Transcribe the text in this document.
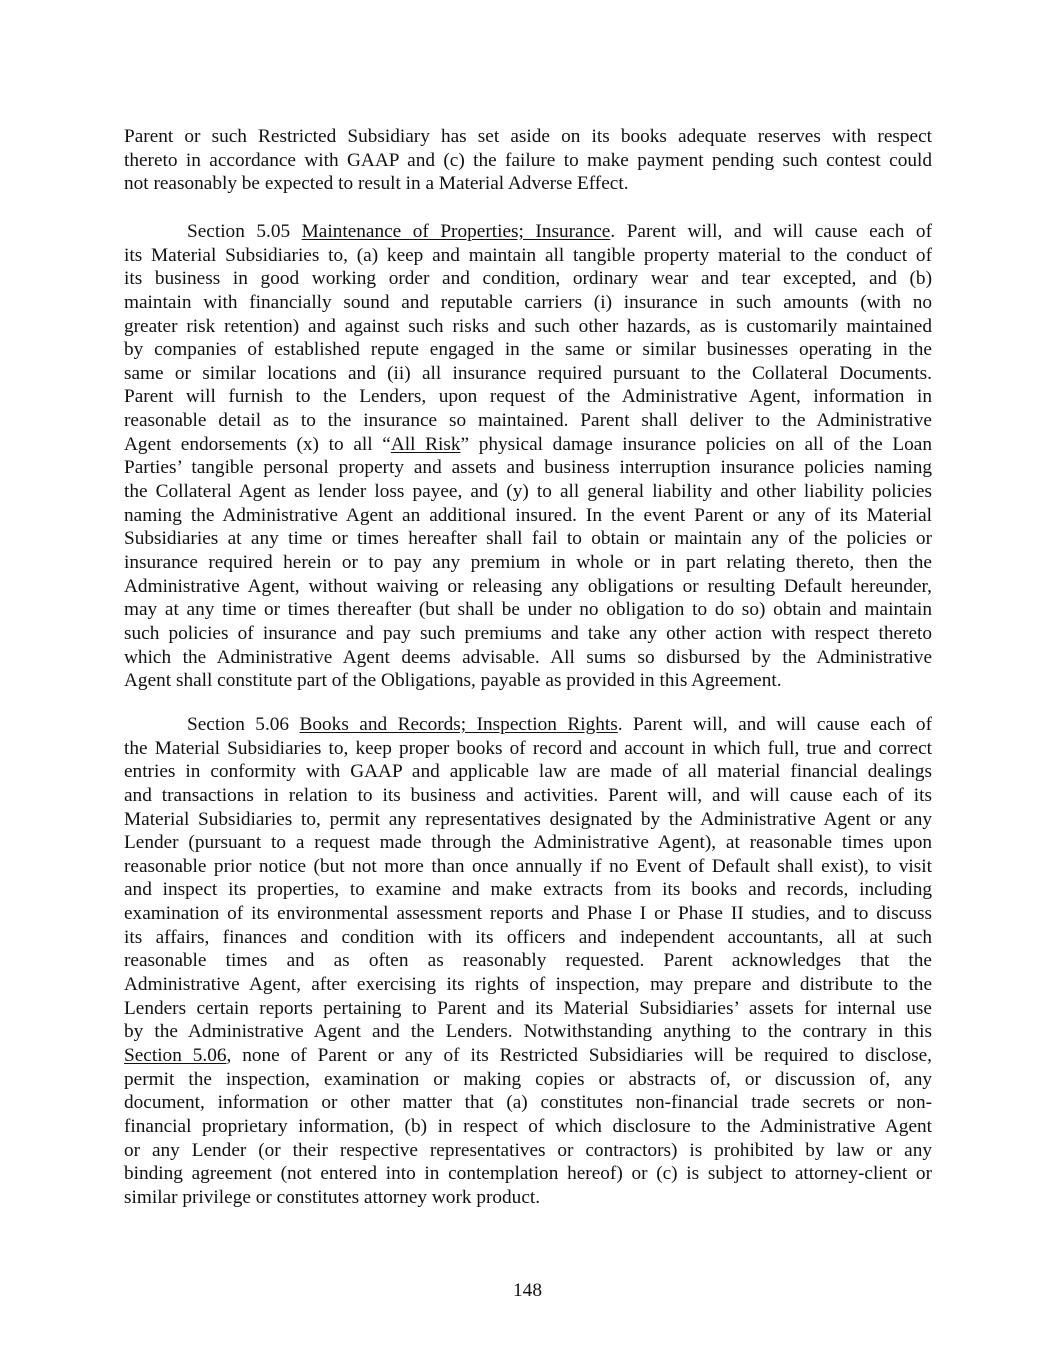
Parent or such Restricted Subsidiary has set aside on its books adequate reserves with respect
thereto in accordance with GAAP and (c) the failure to make payment pending such contest could
not reasonably be expected to result in a Material Adverse Effect.
Section 5.05 Maintenance of Properties; Insurance. Parent will, and will cause each of
its Material Subsidiaries to, (a) keep and maintain all tangible property material to the conduct of
its business in good working order and condition, ordinary wear and tear excepted, and (b)
maintain with financially sound and reputable carriers (i) insurance in such amounts (with no
greater risk retention) and against such risks and such other hazards, as is customarily maintained
by companies of established repute engaged in the same or similar businesses operating in the
same or similar locations and (ii) all insurance required pursuant to the Collateral Documents.
Parent will furnish to the Lenders, upon request of the Administrative Agent, information in
reasonable detail as to the insurance so maintained. Parent shall deliver to the Administrative
Agent endorsements (x) to all “All Risk” physical damage insurance policies on all of the Loan
Parties’ tangible personal property and assets and business interruption insurance policies naming
the Collateral Agent as lender loss payee, and (y) to all general liability and other liability policies
naming the Administrative Agent an additional insured. In the event Parent or any of its Material
Subsidiaries at any time or times hereafter shall fail to obtain or maintain any of the policies or
insurance required herein or to pay any premium in whole or in part relating thereto, then the
Administrative Agent, without waiving or releasing any obligations or resulting Default hereunder,
may at any time or times thereafter (but shall be under no obligation to do so) obtain and maintain
such policies of insurance and pay such premiums and take any other action with respect thereto
which the Administrative Agent deems advisable. All sums so disbursed by the Administrative
Agent shall constitute part of the Obligations, payable as provided in this Agreement.
Section 5.06 Books and Records; Inspection Rights. Parent will, and will cause each of
the Material Subsidiaries to, keep proper books of record and account in which full, true and correct
entries in conformity with GAAP and applicable law are made of all material financial dealings
and transactions in relation to its business and activities. Parent will, and will cause each of its
Material Subsidiaries to, permit any representatives designated by the Administrative Agent or any
Lender (pursuant to a request made through the Administrative Agent), at reasonable times upon
reasonable prior notice (but not more than once annually if no Event of Default shall exist), to visit
and inspect its properties, to examine and make extracts from its books and records, including
examination of its environmental assessment reports and Phase I or Phase II studies, and to discuss
its affairs, finances and condition with its officers and independent accountants, all at such
reasonable times and as often as reasonably requested. Parent acknowledges that the
Administrative Agent, after exercising its rights of inspection, may prepare and distribute to the
Lenders certain reports pertaining to Parent and its Material Subsidiaries’ assets for internal use
by the Administrative Agent and the Lenders. Notwithstanding anything to the contrary in this
Section 5.06, none of Parent or any of its Restricted Subsidiaries will be required to disclose,
permit the inspection, examination or making copies or abstracts of, or discussion of, any
document, information or other matter that (a) constitutes non-financial trade secrets or non-
financial proprietary information, (b) in respect of which disclosure to the Administrative Agent
or any Lender (or their respective representatives or contractors) is prohibited by law or any
binding agreement (not entered into in contemplation hereof) or (c) is subject to attorney-client or
similar privilege or constitutes attorney work product.
148
